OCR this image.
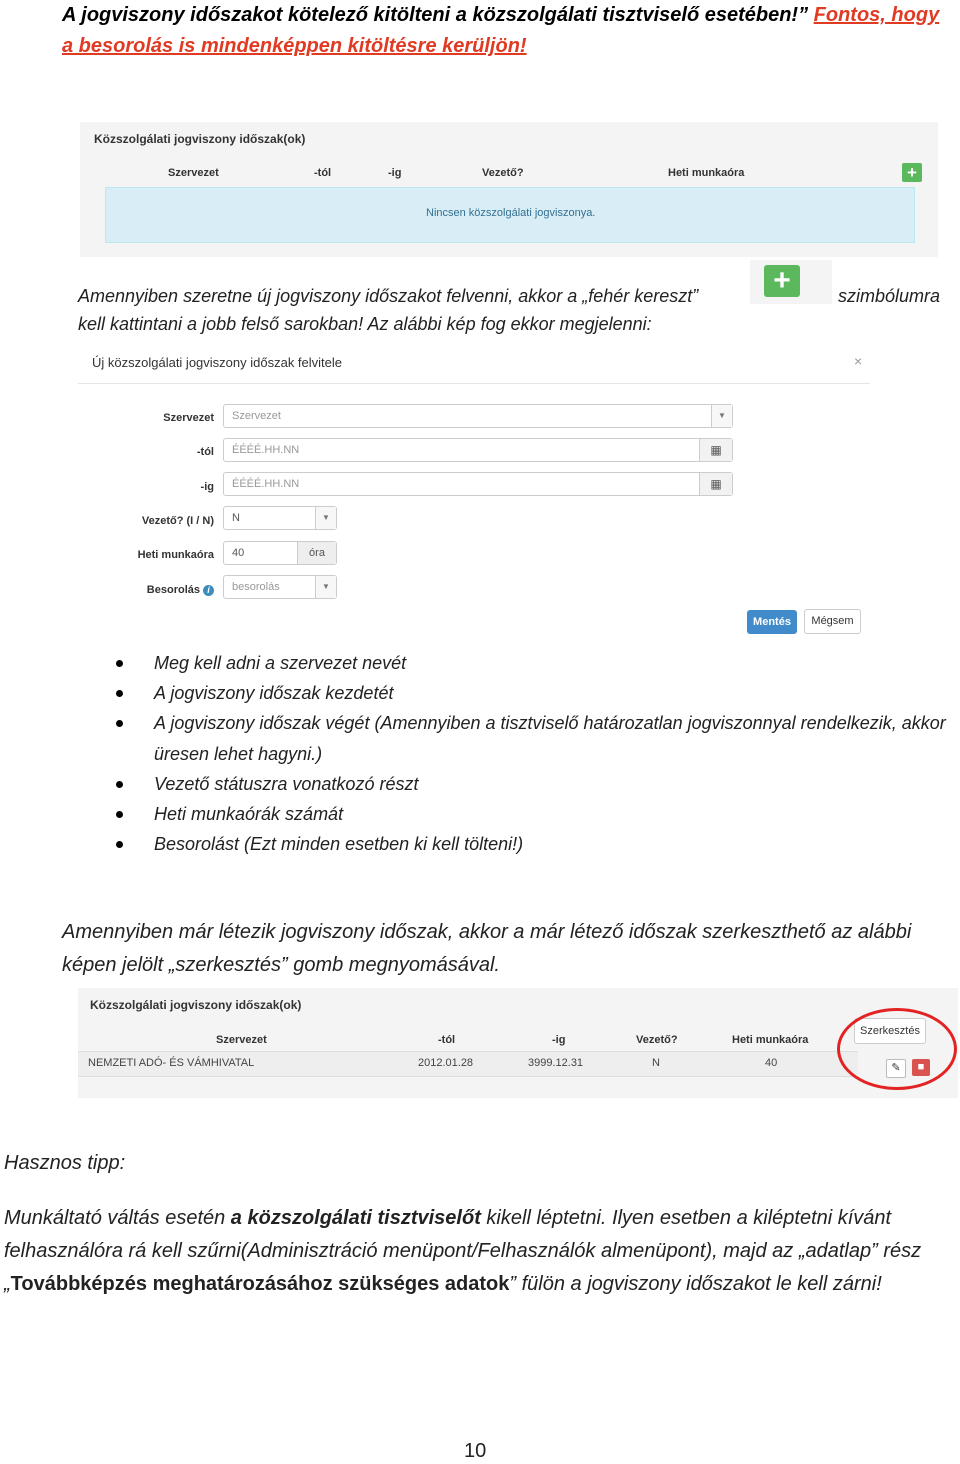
A jogviszony időszakot kötelező kitölteni a közszolgálati tisztviselő esetében!” Fontos, hogy a besorolás is mindenképpen kitöltésre kerüljön!
Közszolgálati jogviszony időszak(ok)
Szervezet	-tól	-ig	Vezető?	Heti munkaóra	+
Nincsen közszolgálati jogviszonya.
Amennyiben szeretne új jogviszony időszakot felvenni, akkor a „fehér kereszt”	+	szimbólumra
kell kattintani a jobb felső sarokban! Az alábbi kép fog ekkor megjelenni:
Új közszolgálati jogviszony időszak felvitele	×
Szervezet Szervezet	▼
-tól ÉÉÉÉ.HH.NN	▦
-ig ÉÉÉÉ.HH.NN	▦
Vezető? (I / N) N	▼
Heti munkaóra 40	óra
Besorolás i	besorolás	▼
Mentés	Mégsem
Meg kell adni a szervezet nevét
A jogviszony időszak kezdetét
A jogviszony időszak végét (Amennyiben a tisztviselő határozatlan jogviszonnyal rendelkezik, akkor üresen lehet hagyni.)
Vezető státuszra vonatkozó részt
Heti munkaórák számát
Besorolást (Ezt minden esetben ki kell tölteni!)
Amennyiben már létezik jogviszony időszak, akkor a már létező időszak szerkeszthető az alábbi képen jelölt „szerkesztés” gomb megnyomásával.
Közszolgálati jogviszony időszak(ok)
Szervezet	-tól	-ig	Vezető?	Heti munkaóra
NEMZETI ADÓ- ÉS VÁMHIVATAL	2012.01.28	3999.12.31	N	40
Szerkesztés
✎	■
Hasznos tipp:
Munkáltató váltás esetén a közszolgálati tisztviselőt kikell léptetni. Ilyen esetben a kiléptetni kívánt felhasználóra rá kell szűrni(Adminisztráció menüpont/Felhasználók almenüpont), majd az „adatlap” rész „Továbbképzés meghatározásához szükséges adatok” fülön a jogviszony időszakot le kell zárni!
10
